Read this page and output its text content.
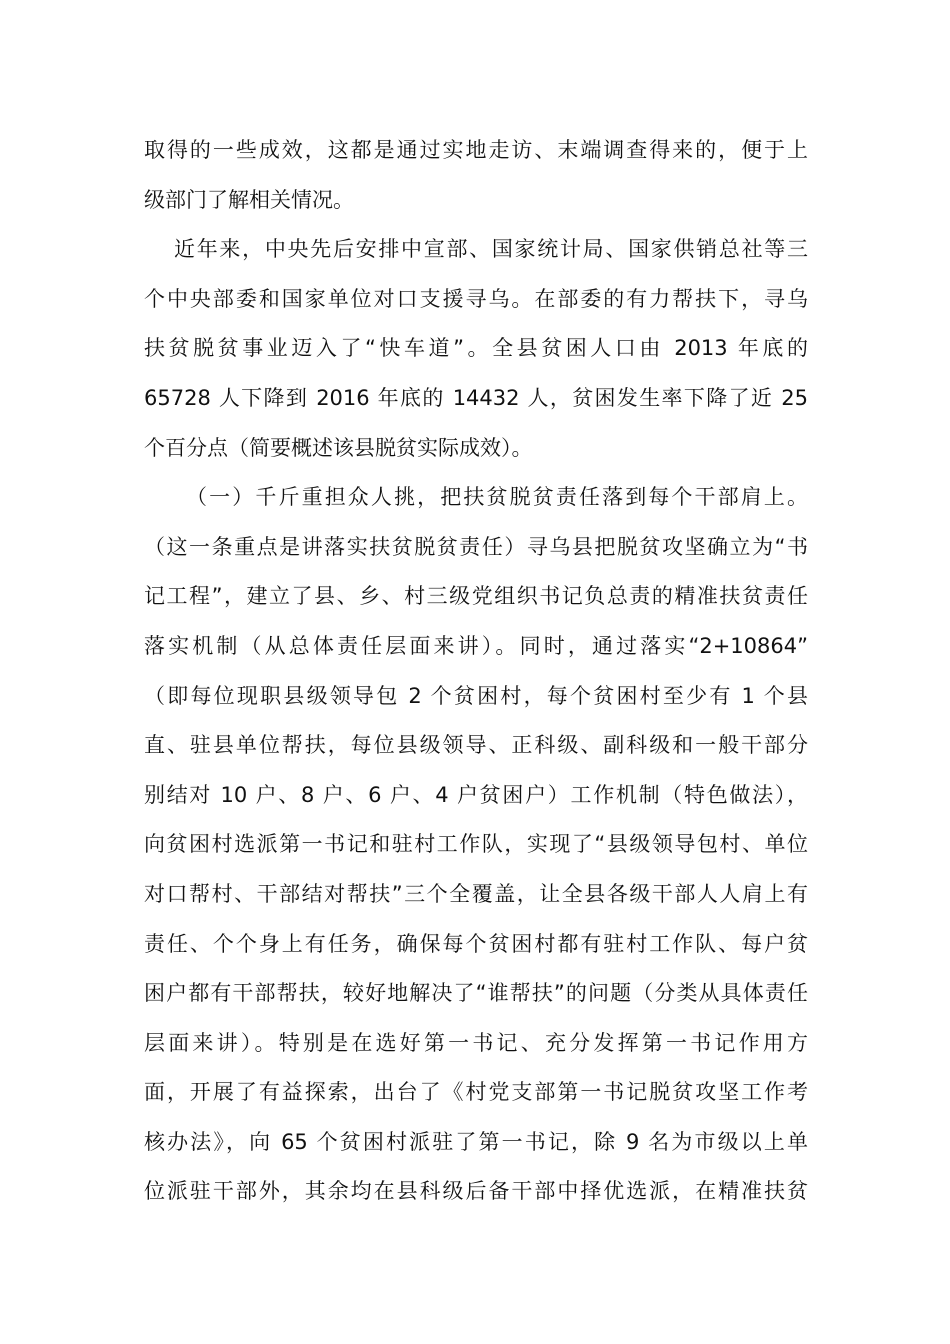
取得的一些成效，这都是通过实地走访、末端调查得来的，便于上
级部门了解相关情况。
近年来，中央先后安排中宣部、国家统计局、国家供销总社等三
个中央部委和国家单位对口支援寻乌。在部委的有力帮扶下，寻乌
扶贫脱贫事业迈入了“快车道”。全县贫困人口由 2013 年底的
65728 人下降到 2016 年底的 14432 人，贫困发生率下降了近 25
个百分点（简要概述该县脱贫实际成效）。
（一）千斤重担众人挑，把扶贫脱贫责任落到每个干部肩上。
（这一条重点是讲落实扶贫脱贫责任）寻乌县把脱贫攻坚确立为“书
记工程”，建立了县、乡、村三级党组织书记负总责的精准扶贫责任
落实机制（从总体责任层面来讲）。同时，通过落实“2+10864”
（即每位现职县级领导包 2 个贫困村，每个贫困村至少有 1 个县
直、驻县单位帮扶，每位县级领导、正科级、副科级和一般干部分
别结对 10 户、8 户、6 户、4 户贫困户）工作机制（特色做法），
向贫困村选派第一书记和驻村工作队，实现了“县级领导包村、单位
对口帮村、干部结对帮扶”三个全覆盖，让全县各级干部人人肩上有
责任、个个身上有任务，确保每个贫困村都有驻村工作队、每户贫
困户都有干部帮扶，较好地解决了“谁帮扶”的问题（分类从具体责任
层面来讲）。特别是在选好第一书记、充分发挥第一书记作用方
面，开展了有益探索，出台了《村党支部第一书记脱贫攻坚工作考
核办法》，向 65 个贫困村派驻了第一书记，除 9 名为市级以上单
位派驻干部外，其余均在县科级后备干部中择优选派，在精准扶贫
